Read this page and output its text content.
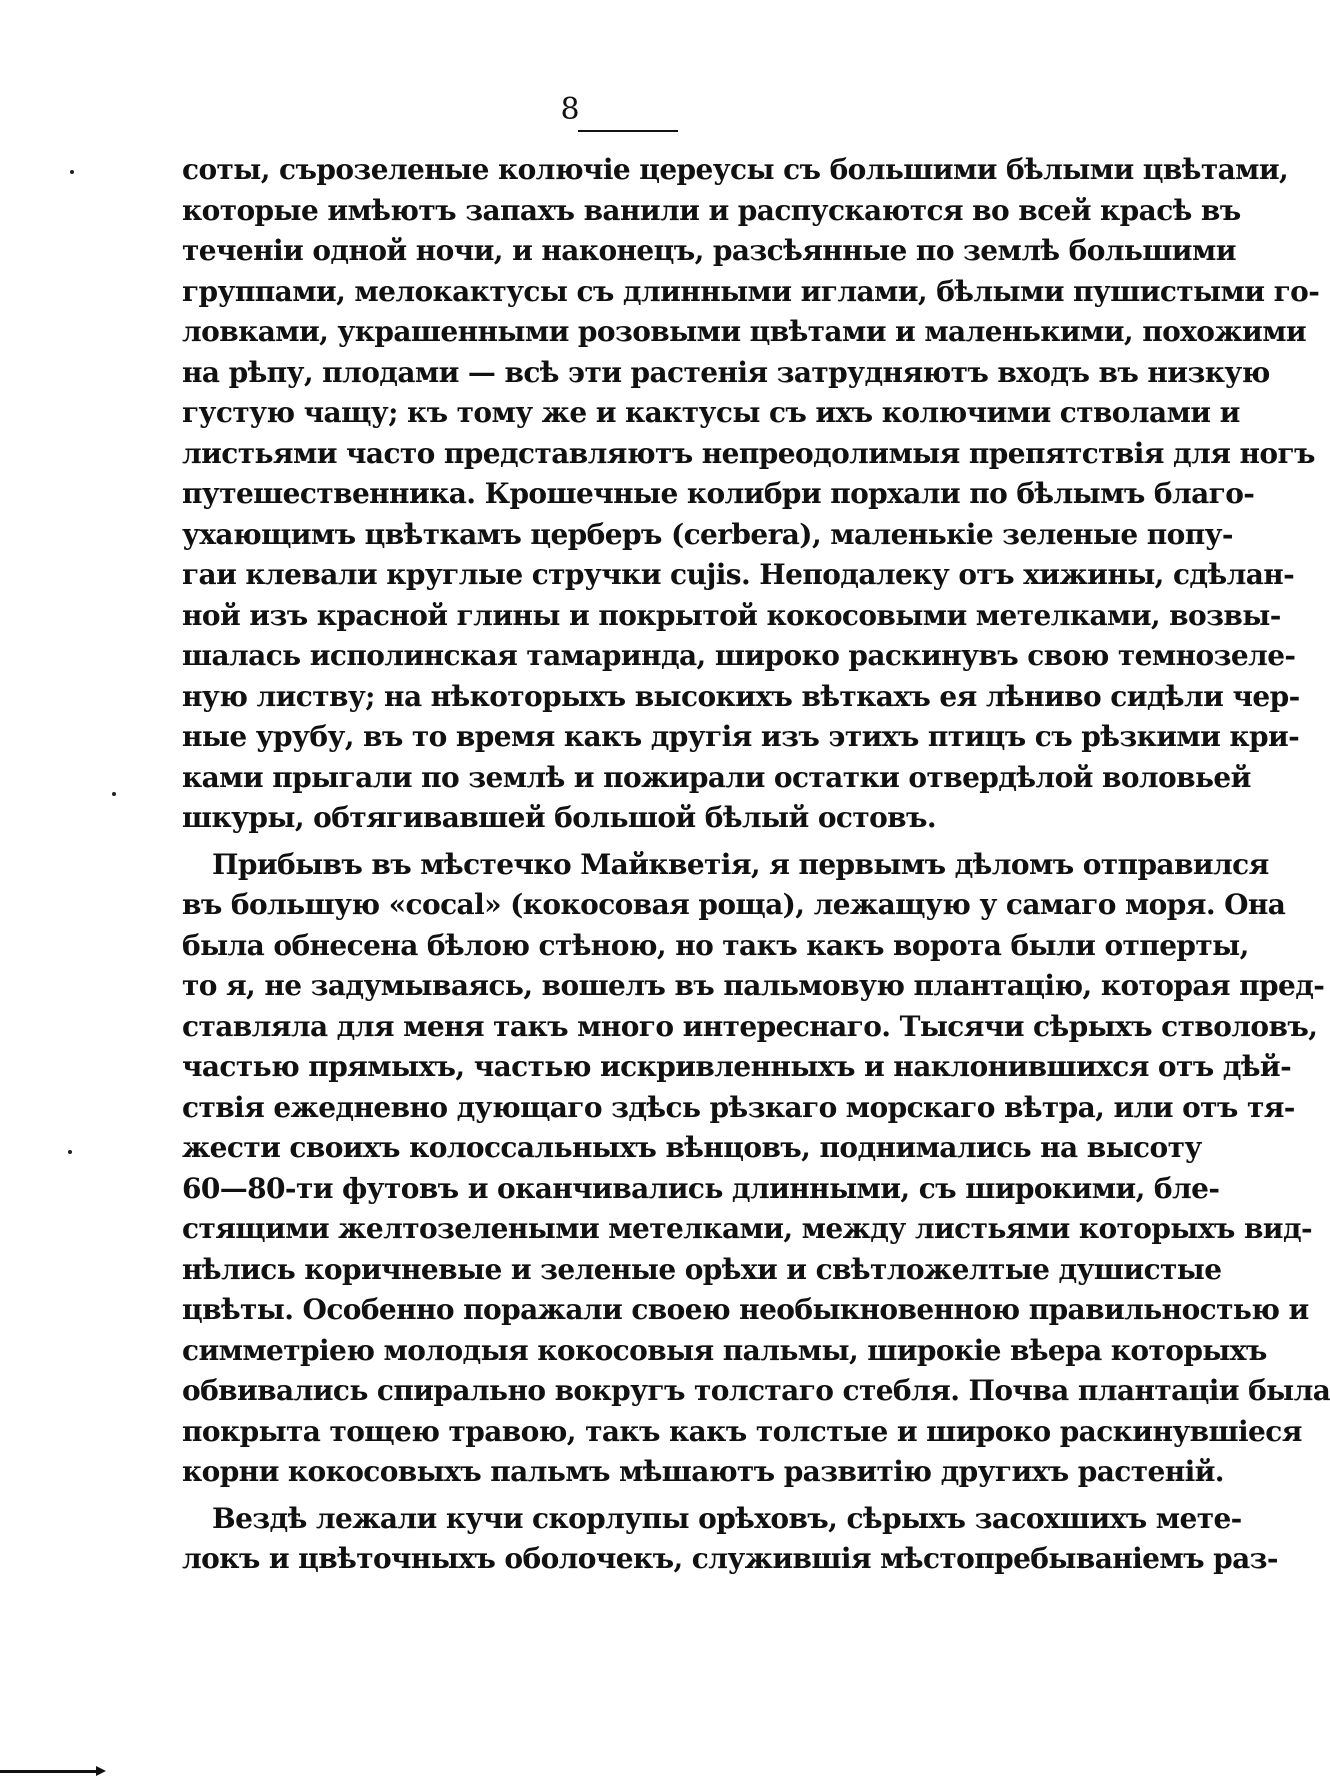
8
соты, сърозеленые колючіе цереусы съ большими бѣлыми цвѣтами,
которые имѣютъ запахъ ванили и распускаются во всей красѣ въ
теченіи одной ночи, и наконецъ, разсѣянные по землѣ большими
группами, мелокактусы съ длинными иглами, бѣлыми пушистыми го-
ловками, украшенными розовыми цвѣтами и маленькими, похожими
на рѣпу, плодами — всѣ эти растенія затрудняютъ входъ въ низкую
густую чащу; къ тому же и кактусы съ ихъ колючими стволами и
листьями часто представляютъ непреодолимыя препятствія для ногъ
путешественника. Крошечные колибри порхали по бѣлымъ благо-
ухающимъ цвѣткамъ церберъ (cerbera), маленькіе зеленые попу-
гаи клевали круглые стручки cujis. Неподалеку отъ хижины, сдѣлан-
ной изъ красной глины и покрытой кокосовыми метелками, возвы-
шалась исполинская тамаринда, широко раскинувъ свою темнозеле-
ную листву; на нѣкоторыхъ высокихъ вѣткахъ ея лѣниво сидѣли чер-
ные урубу, въ то время какъ другія изъ этихъ птицъ съ рѣзкими кри-
ками прыгали по землѣ и пожирали остатки отвердѣлой воловьей
шкуры, обтягивавшей большой бѣлый остовъ.
Прибывъ въ мѣстечко Майкветія, я первымъ дѣломъ отправился
въ большую «cocal» (кокосовая роща), лежащую у самаго моря. Она
была обнесена бѣлою стѣною, но такъ какъ ворота были отперты,
то я, не задумываясь, вошелъ въ пальмовую плантацію, которая пред-
ставляла для меня такъ много интереснаго. Тысячи сѣрыхъ стволовъ,
частью прямыхъ, частью искривленныхъ и наклонившихся отъ дѣй-
ствія ежедневно дующаго здѣсь рѣзкаго морскаго вѣтра, или отъ тя-
жести своихъ колоссальныхъ вѣнцовъ, поднимались на высоту
60—80-ти футовъ и оканчивались длинными, съ широкими, бле-
стящими желтозелеными метелками, между листьями которыхъ вид-
нѣлись коричневые и зеленые орѣхи и свѣтложелтые душистые
цвѣты. Особенно поражали своею необыкновенною правильностью и
симметріею молодыя кокосовыя пальмы, широкіе вѣера которыхъ
обвивались спирально вокругъ толстаго стебля. Почва плантаціи была
покрыта тощею травою, такъ какъ толстые и широко раскинувшіеся
корни кокосовыхъ пальмъ мѣшаютъ развитію другихъ растеній.
Вездѣ лежали кучи скорлупы орѣховъ, сѣрыхъ засохшихъ мете-
локъ и цвѣточныхъ оболочекъ, служившія мѣстопребываніемъ раз-
